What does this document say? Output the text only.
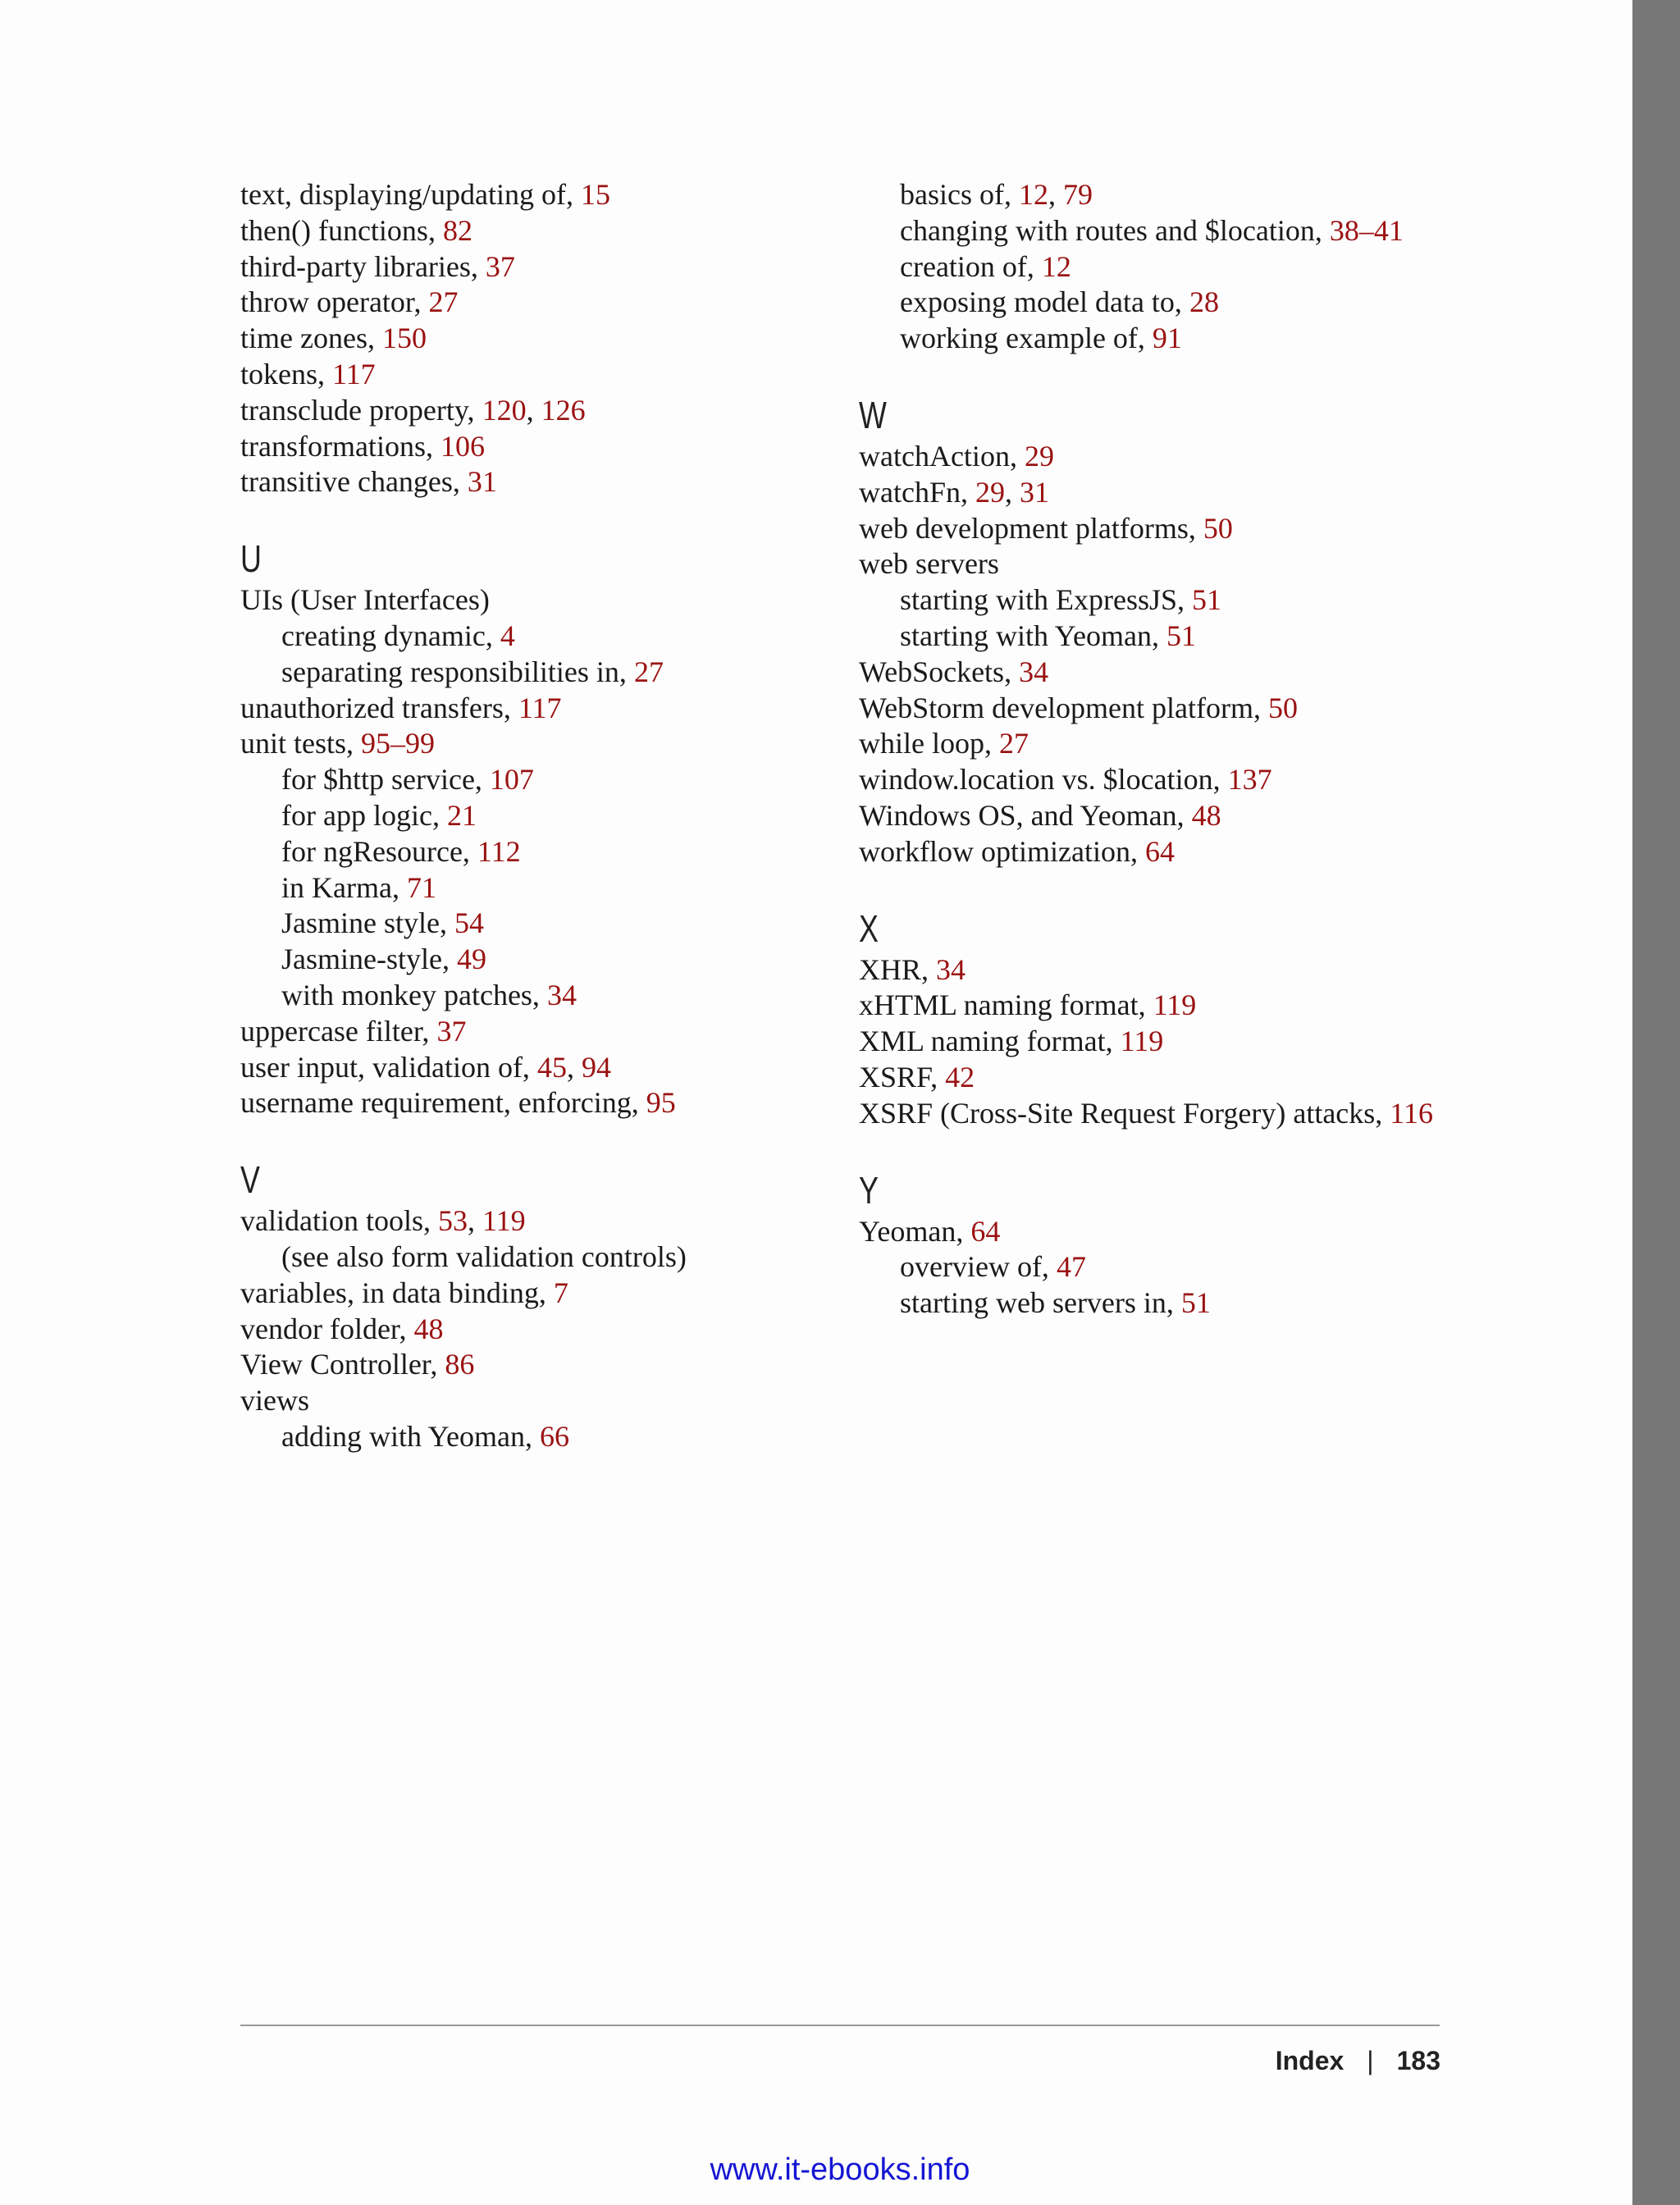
text, displaying/updating of, 15
then() functions, 82
third-party libraries, 37
throw operator, 27
time zones, 150
tokens, 117
transclude property, 120, 126
transformations, 106
transitive changes, 31
U
UIs (User Interfaces)
creating dynamic, 4
separating responsibilities in, 27
unauthorized transfers, 117
unit tests, 95–99
for $http service, 107
for app logic, 21
for ngResource, 112
in Karma, 71
Jasmine style, 54
Jasmine-style, 49
with monkey patches, 34
uppercase filter, 37
user input, validation of, 45, 94
username requirement, enforcing, 95
V
validation tools, 53, 119
(see also form validation controls)
variables, in data binding, 7
vendor folder, 48
View Controller, 86
views
adding with Yeoman, 66
basics of, 12, 79
changing with routes and $location, 38–41
creation of, 12
exposing model data to, 28
working example of, 91
W
watchAction, 29
watchFn, 29, 31
web development platforms, 50
web servers
starting with ExpressJS, 51
starting with Yeoman, 51
WebSockets, 34
WebStorm development platform, 50
while loop, 27
window.location vs. $location, 137
Windows OS, and Yeoman, 48
workflow optimization, 64
X
XHR, 34
xHTML naming format, 119
XML naming format, 119
XSRF, 42
XSRF (Cross-Site Request Forgery) attacks, 116
Y
Yeoman, 64
overview of, 47
starting web servers in, 51
Index | 183
www.it-ebooks.info
